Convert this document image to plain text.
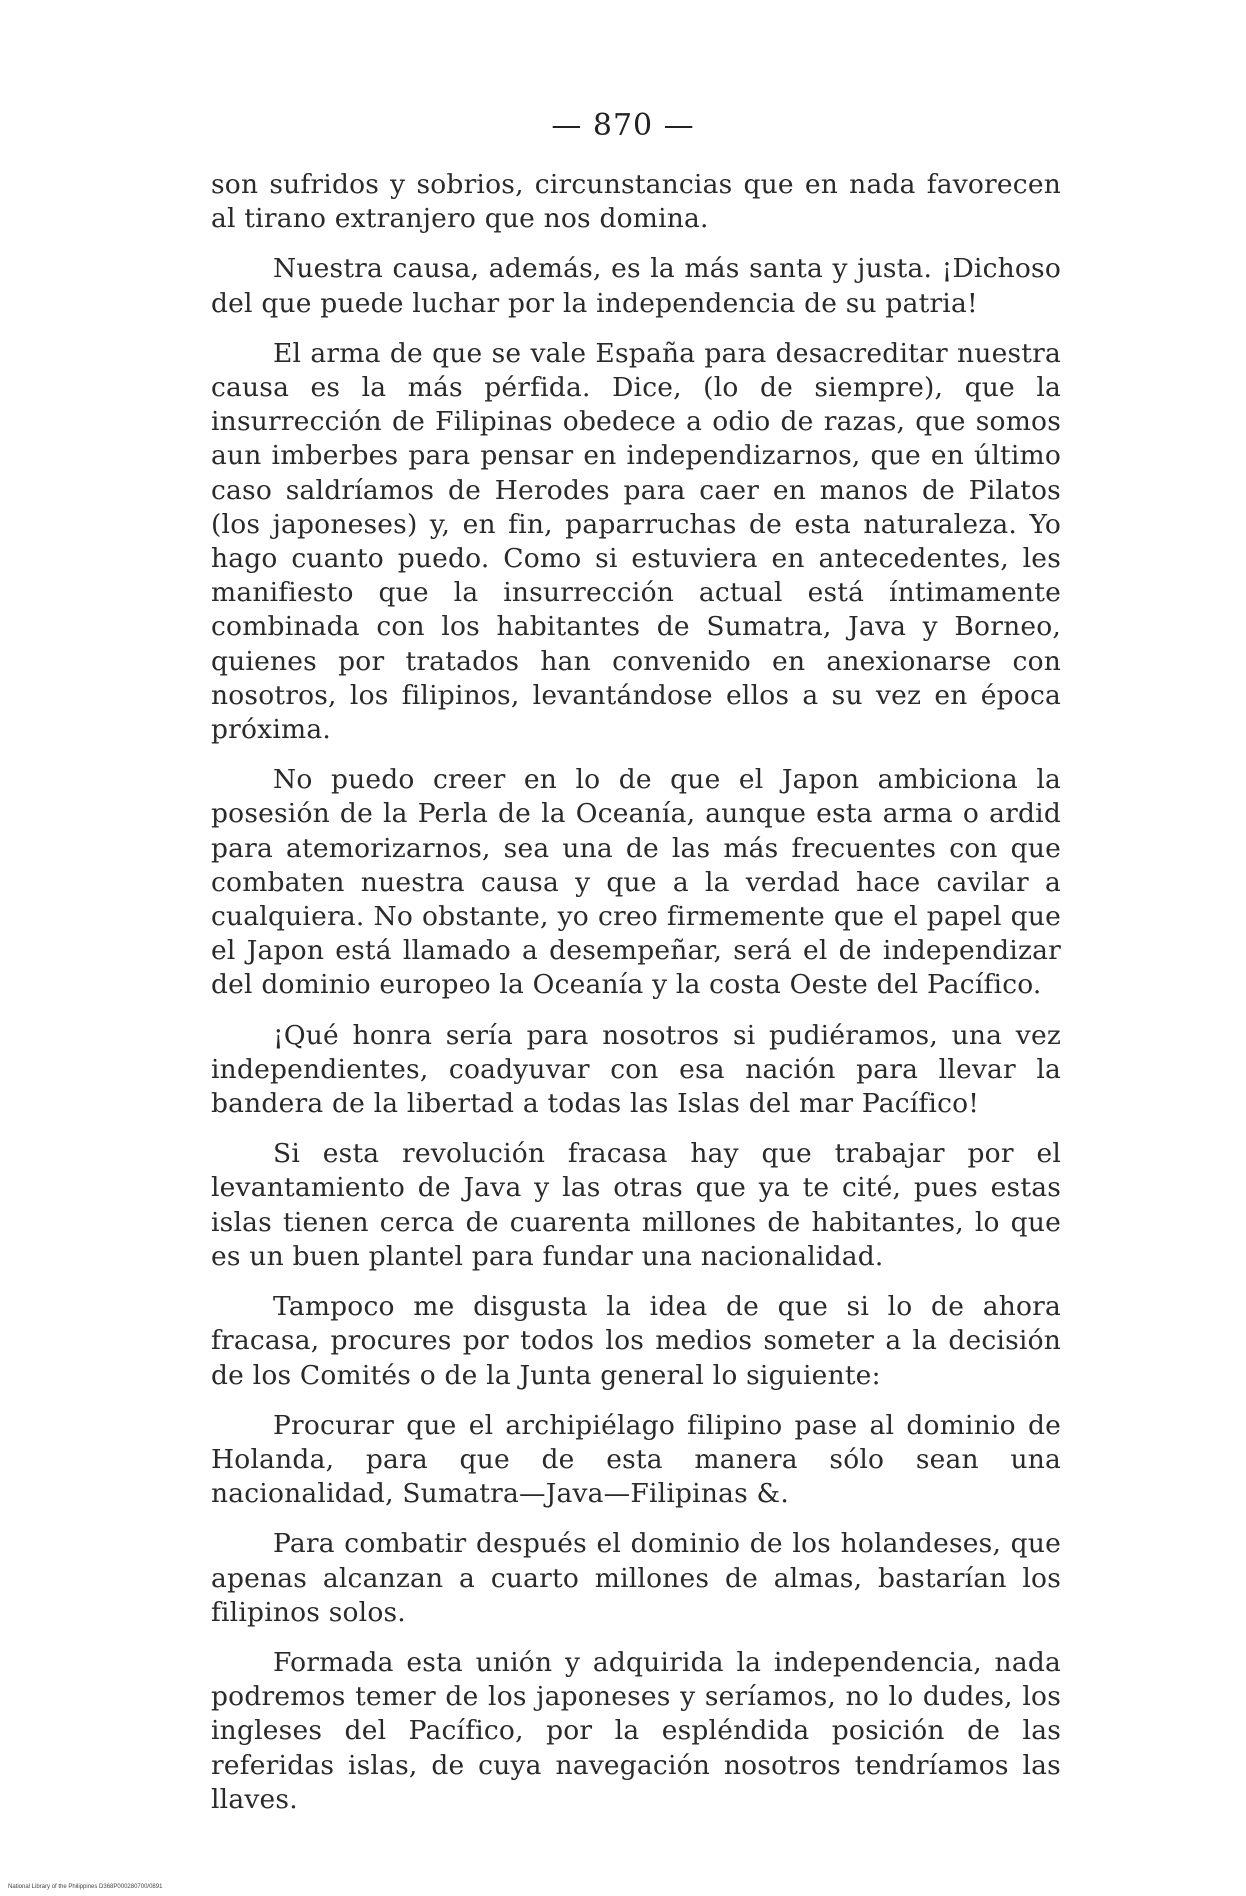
— 870 —

son sufridos y sobrios, circunstancias que en nada favorecen al tirano extranjero que nos domina.

Nuestra causa, además, es la más santa y justa. ¡Dichoso del que puede luchar por la independencia de su patria!

El arma de que se vale España para desacreditar nuestra causa es la más pérfida. Dice, (lo de siempre), que la insurrección de Filipinas obedece a odio de razas, que somos aun imberbes para pensar en independizarnos, que en último caso saldríamos de Herodes para caer en manos de Pilatos (los japoneses) y, en fin, paparruchas de esta naturaleza. Yo hago cuanto puedo. Como si estuviera en antecedentes, les manifiesto que la insurrección actual está íntimamente combinada con los habitantes de Sumatra, Java y Borneo, quienes por tratados han convenido en anexionarse con nosotros, los filipinos, levantándose ellos a su vez en época próxima.

No puedo creer en lo de que el Japon ambiciona la posesión de la Perla de la Oceanía, aunque esta arma o ardid para atemorizarnos, sea una de las más frecuentes con que combaten nuestra causa y que a la verdad hace cavilar a cualquiera. No obstante, yo creo firmemente que el papel que el Japon está llamado a desempeñar, será el de independizar del dominio europeo la Oceanía y la costa Oeste del Pacífico.

¡Qué honra sería para nosotros si pudiéramos, una vez independientes, coadyuvar con esa nación para llevar la bandera de la libertad a todas las Islas del mar Pacífico!

Si esta revolución fracasa hay que trabajar por el levantamiento de Java y las otras que ya te cité, pues estas islas tienen cerca de cuarenta millones de habitantes, lo que es un buen plantel para fundar una nacionalidad.

Tampoco me disgusta la idea de que si lo de ahora fracasa, procures por todos los medios someter a la decisión de los Comités o de la Junta general lo siguiente:

Procurar que el archipiélago filipino pase al dominio de Holanda, para que de esta manera sólo sean una nacionalidad, Sumatra—Java—Filipinas &.

Para combatir después el dominio de los holandeses, que apenas alcanzan a cuarto millones de almas, bastarían los filipinos solos.

Formada esta unión y adquirida la independencia, nada podremos temer de los japoneses y seríamos, no lo dudes, los ingleses del Pacífico, por la espléndida posición de las referidas islas, de cuya navegación nosotros tendríamos las llaves.

National Library of the Philippines D368P000280700/0891
